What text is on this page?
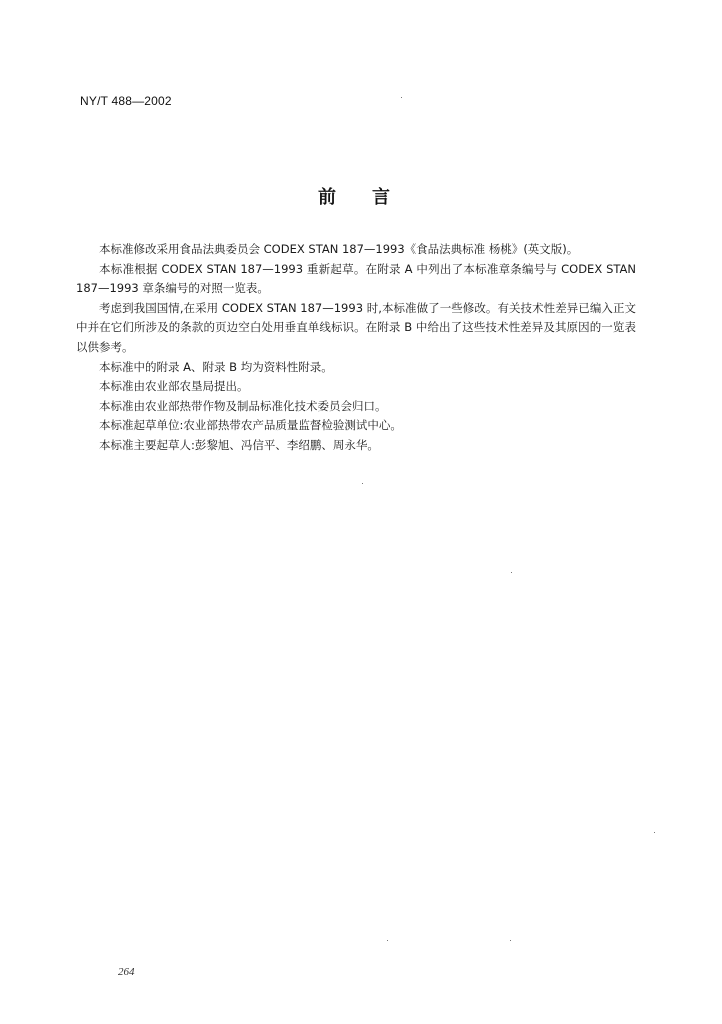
NY/T 488—2002
前言

本标准修改采用食品法典委员会 CODEX STAN 187—1993《食品法典标准 杨桃》(英文版)。

本标准根据 CODEX STAN 187—1993 重新起草。在附录 A 中列出了本标准章条编号与 CODEX STAN 187—1993 章条编号的对照一览表。

考虑到我国国情,在采用 CODEX STAN 187—1993 时,本标准做了一些修改。有关技术性差异已编入正文中并在它们所涉及的条款的页边空白处用垂直单线标识。在附录 B 中给出了这些技术性差异及其原因的一览表以供参考。

本标准中的附录 A、附录 B 均为资料性附录。

本标准由农业部农垦局提出。

本标准由农业部热带作物及制品标准化技术委员会归口。

本标准起草单位:农业部热带农产品质量监督检验测试中心。

本标准主要起草人:彭黎旭、冯信平、李绍鹏、周永华。

264
